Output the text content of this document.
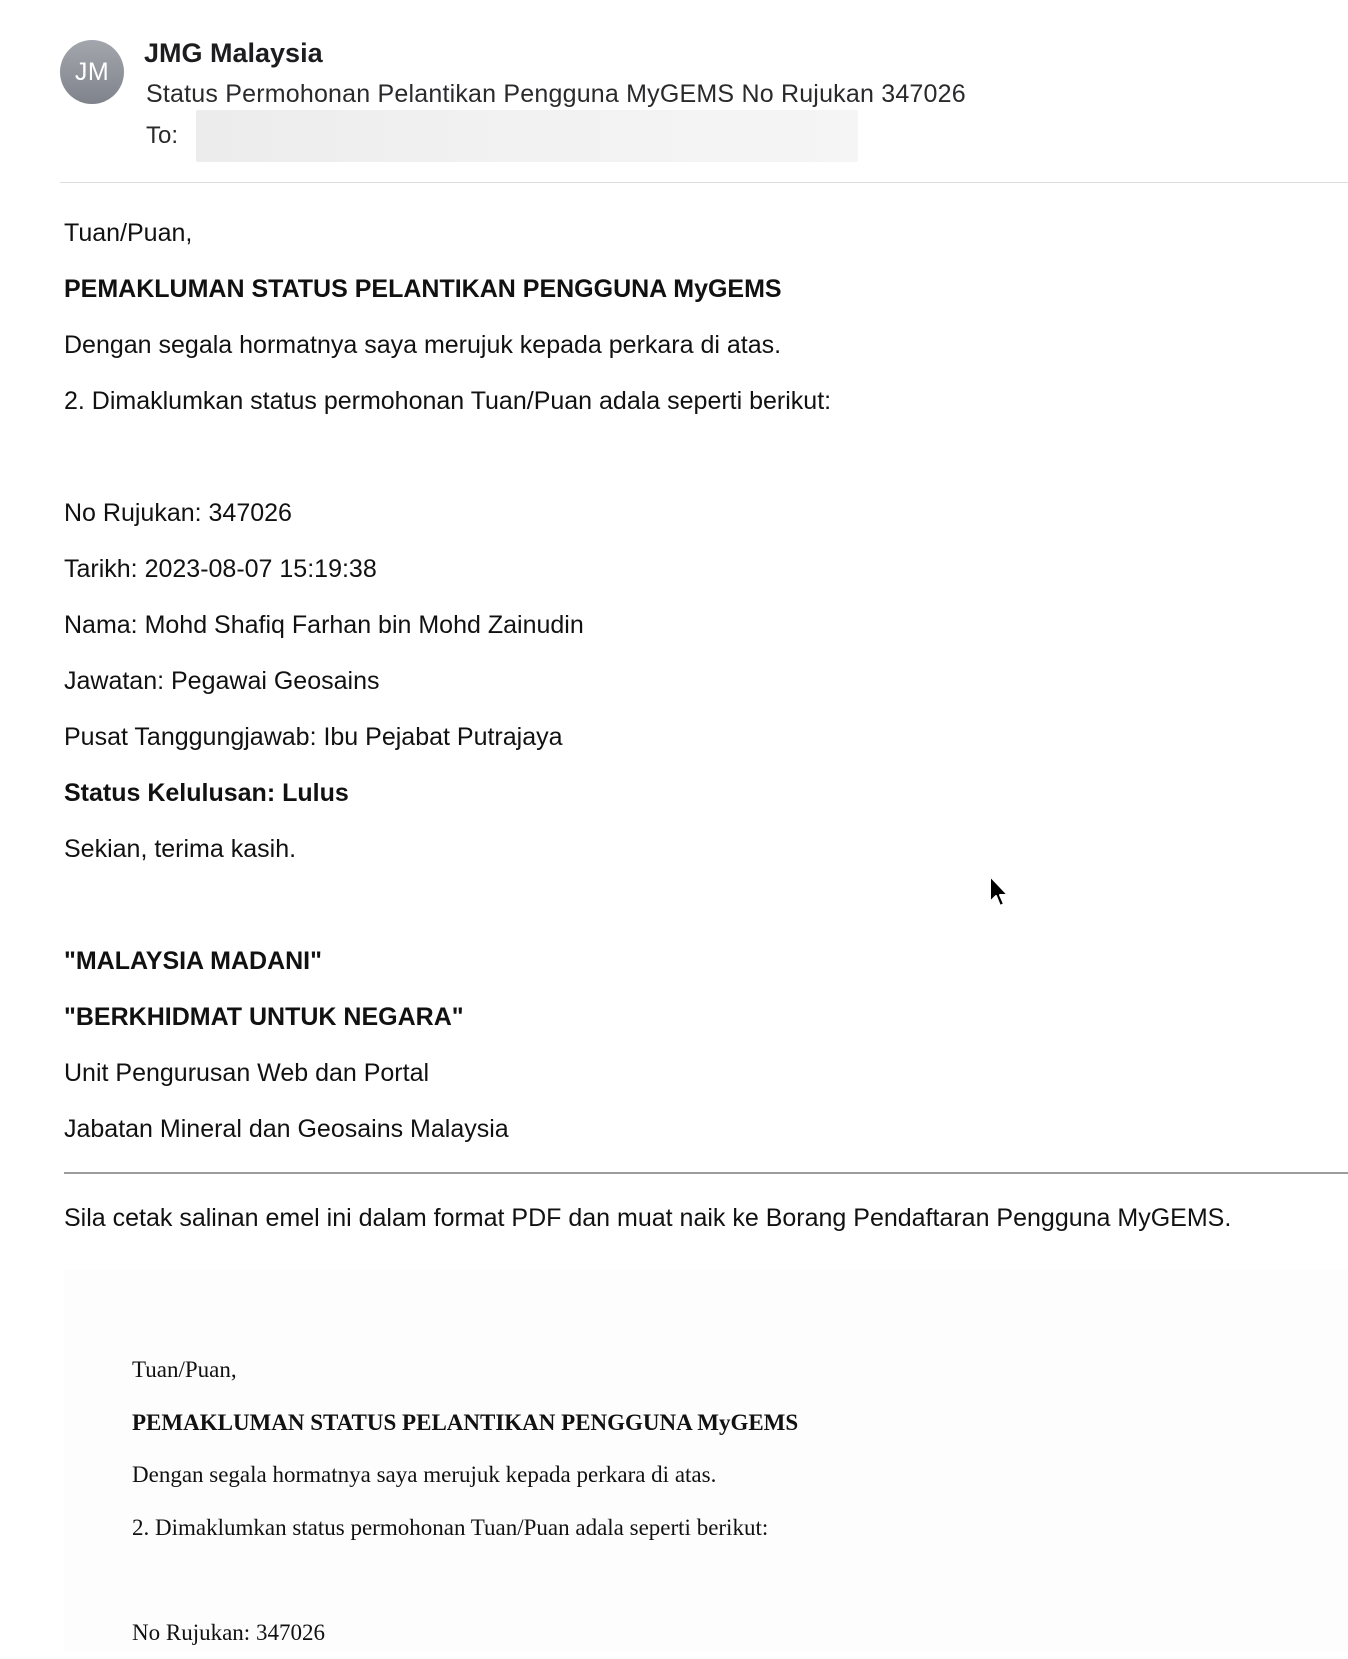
JM
JMG Malaysia
Status Permohonan Pelantikan Pengguna MyGEMS No Rujukan 347026
To:

Tuan/Puan,

PEMAKLUMAN STATUS PELANTIKAN PENGGUNA MyGEMS

Dengan segala hormatnya saya merujuk kepada perkara di atas.

2. Dimaklumkan status permohonan Tuan/Puan adala seperti berikut:

No Rujukan: 347026

Tarikh: 2023-08-07 15:19:38

Nama: Mohd Shafiq Farhan bin Mohd Zainudin

Jawatan: Pegawai Geosains

Pusat Tanggungjawab: Ibu Pejabat Putrajaya

Status Kelulusan: Lulus

Sekian, terima kasih.

"MALAYSIA MADANI"

"BERKHIDMAT UNTUK NEGARA"

Unit Pengurusan Web dan Portal

Jabatan Mineral dan Geosains Malaysia

Sila cetak salinan emel ini dalam format PDF dan muat naik ke Borang Pendaftaran Pengguna MyGEMS.

Tuan/Puan,

PEMAKLUMAN STATUS PELANTIKAN PENGGUNA MyGEMS

Dengan segala hormatnya saya merujuk kepada perkara di atas.

2. Dimaklumkan status permohonan Tuan/Puan adala seperti berikut:

No Rujukan: 347026
